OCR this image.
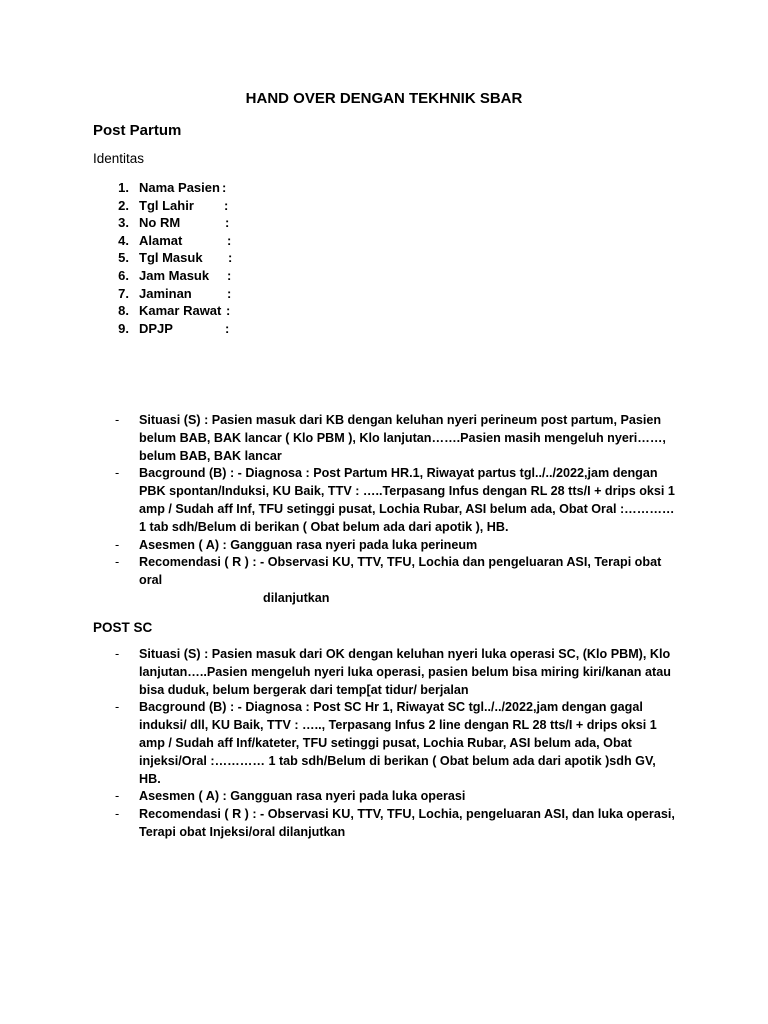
HAND OVER DENGAN TEKHNIK SBAR
Post Partum
Identitas
1. Nama Pasien :
2. Tgl Lahir :
3. No RM	:
4. Alamat	:
5. Tgl Masuk :
6. Jam Masuk :
7. Jaminan	:
8. Kamar Rawat :
9. DPJP	:
- Situasi (S) : Pasien masuk dari KB dengan keluhan nyeri perineum post partum, Pasien belum BAB, BAK lancar ( Klo PBM ), Klo lanjutan…….Pasien masih mengeluh nyeri……, belum BAB, BAK lancar
- Bacground (B) : - Diagnosa : Post Partum HR.1, Riwayat partus tgl../../2022,jam dengan PBK spontan/Induksi, KU Baik, TTV : …..Terpasang Infus dengan RL 28 tts/I + drips oksi 1 amp / Sudah aff Inf, TFU setinggi pusat, Lochia Rubar, ASI belum ada, Obat Oral :………… 1 tab sdh/Belum di berikan ( Obat belum ada dari apotik ), HB.
- Asesmen ( A) : Gangguan rasa nyeri pada luka perineum
- Recomendasi ( R ) : - Observasi KU, TTV, TFU, Lochia dan pengeluaran ASI, Terapi obat oral
dilanjutkan
POST SC
- Situasi (S) : Pasien masuk dari OK dengan keluhan nyeri luka operasi SC, (Klo PBM), Klo lanjutan…..Pasien mengeluh nyeri luka operasi, pasien belum bisa miring kiri/kanan atau bisa duduk, belum bergerak dari temp[at tidur/ berjalan
- Bacground (B) : - Diagnosa : Post SC Hr 1, Riwayat SC tgl../../2022,jam dengan gagal induksi/ dll, KU Baik, TTV : ….., Terpasang Infus 2 line dengan RL 28 tts/I + drips oksi 1 amp / Sudah aff Inf/kateter, TFU setinggi pusat, Lochia Rubar, ASI belum ada, Obat injeksi/Oral :………… 1 tab sdh/Belum di berikan ( Obat belum ada dari apotik )sdh GV, HB.
- Asesmen ( A) : Gangguan rasa nyeri pada luka operasi
- Recomendasi ( R ) : - Observasi KU, TTV, TFU, Lochia, pengeluaran ASI, dan luka operasi, Terapi obat Injeksi/oral dilanjutkan
